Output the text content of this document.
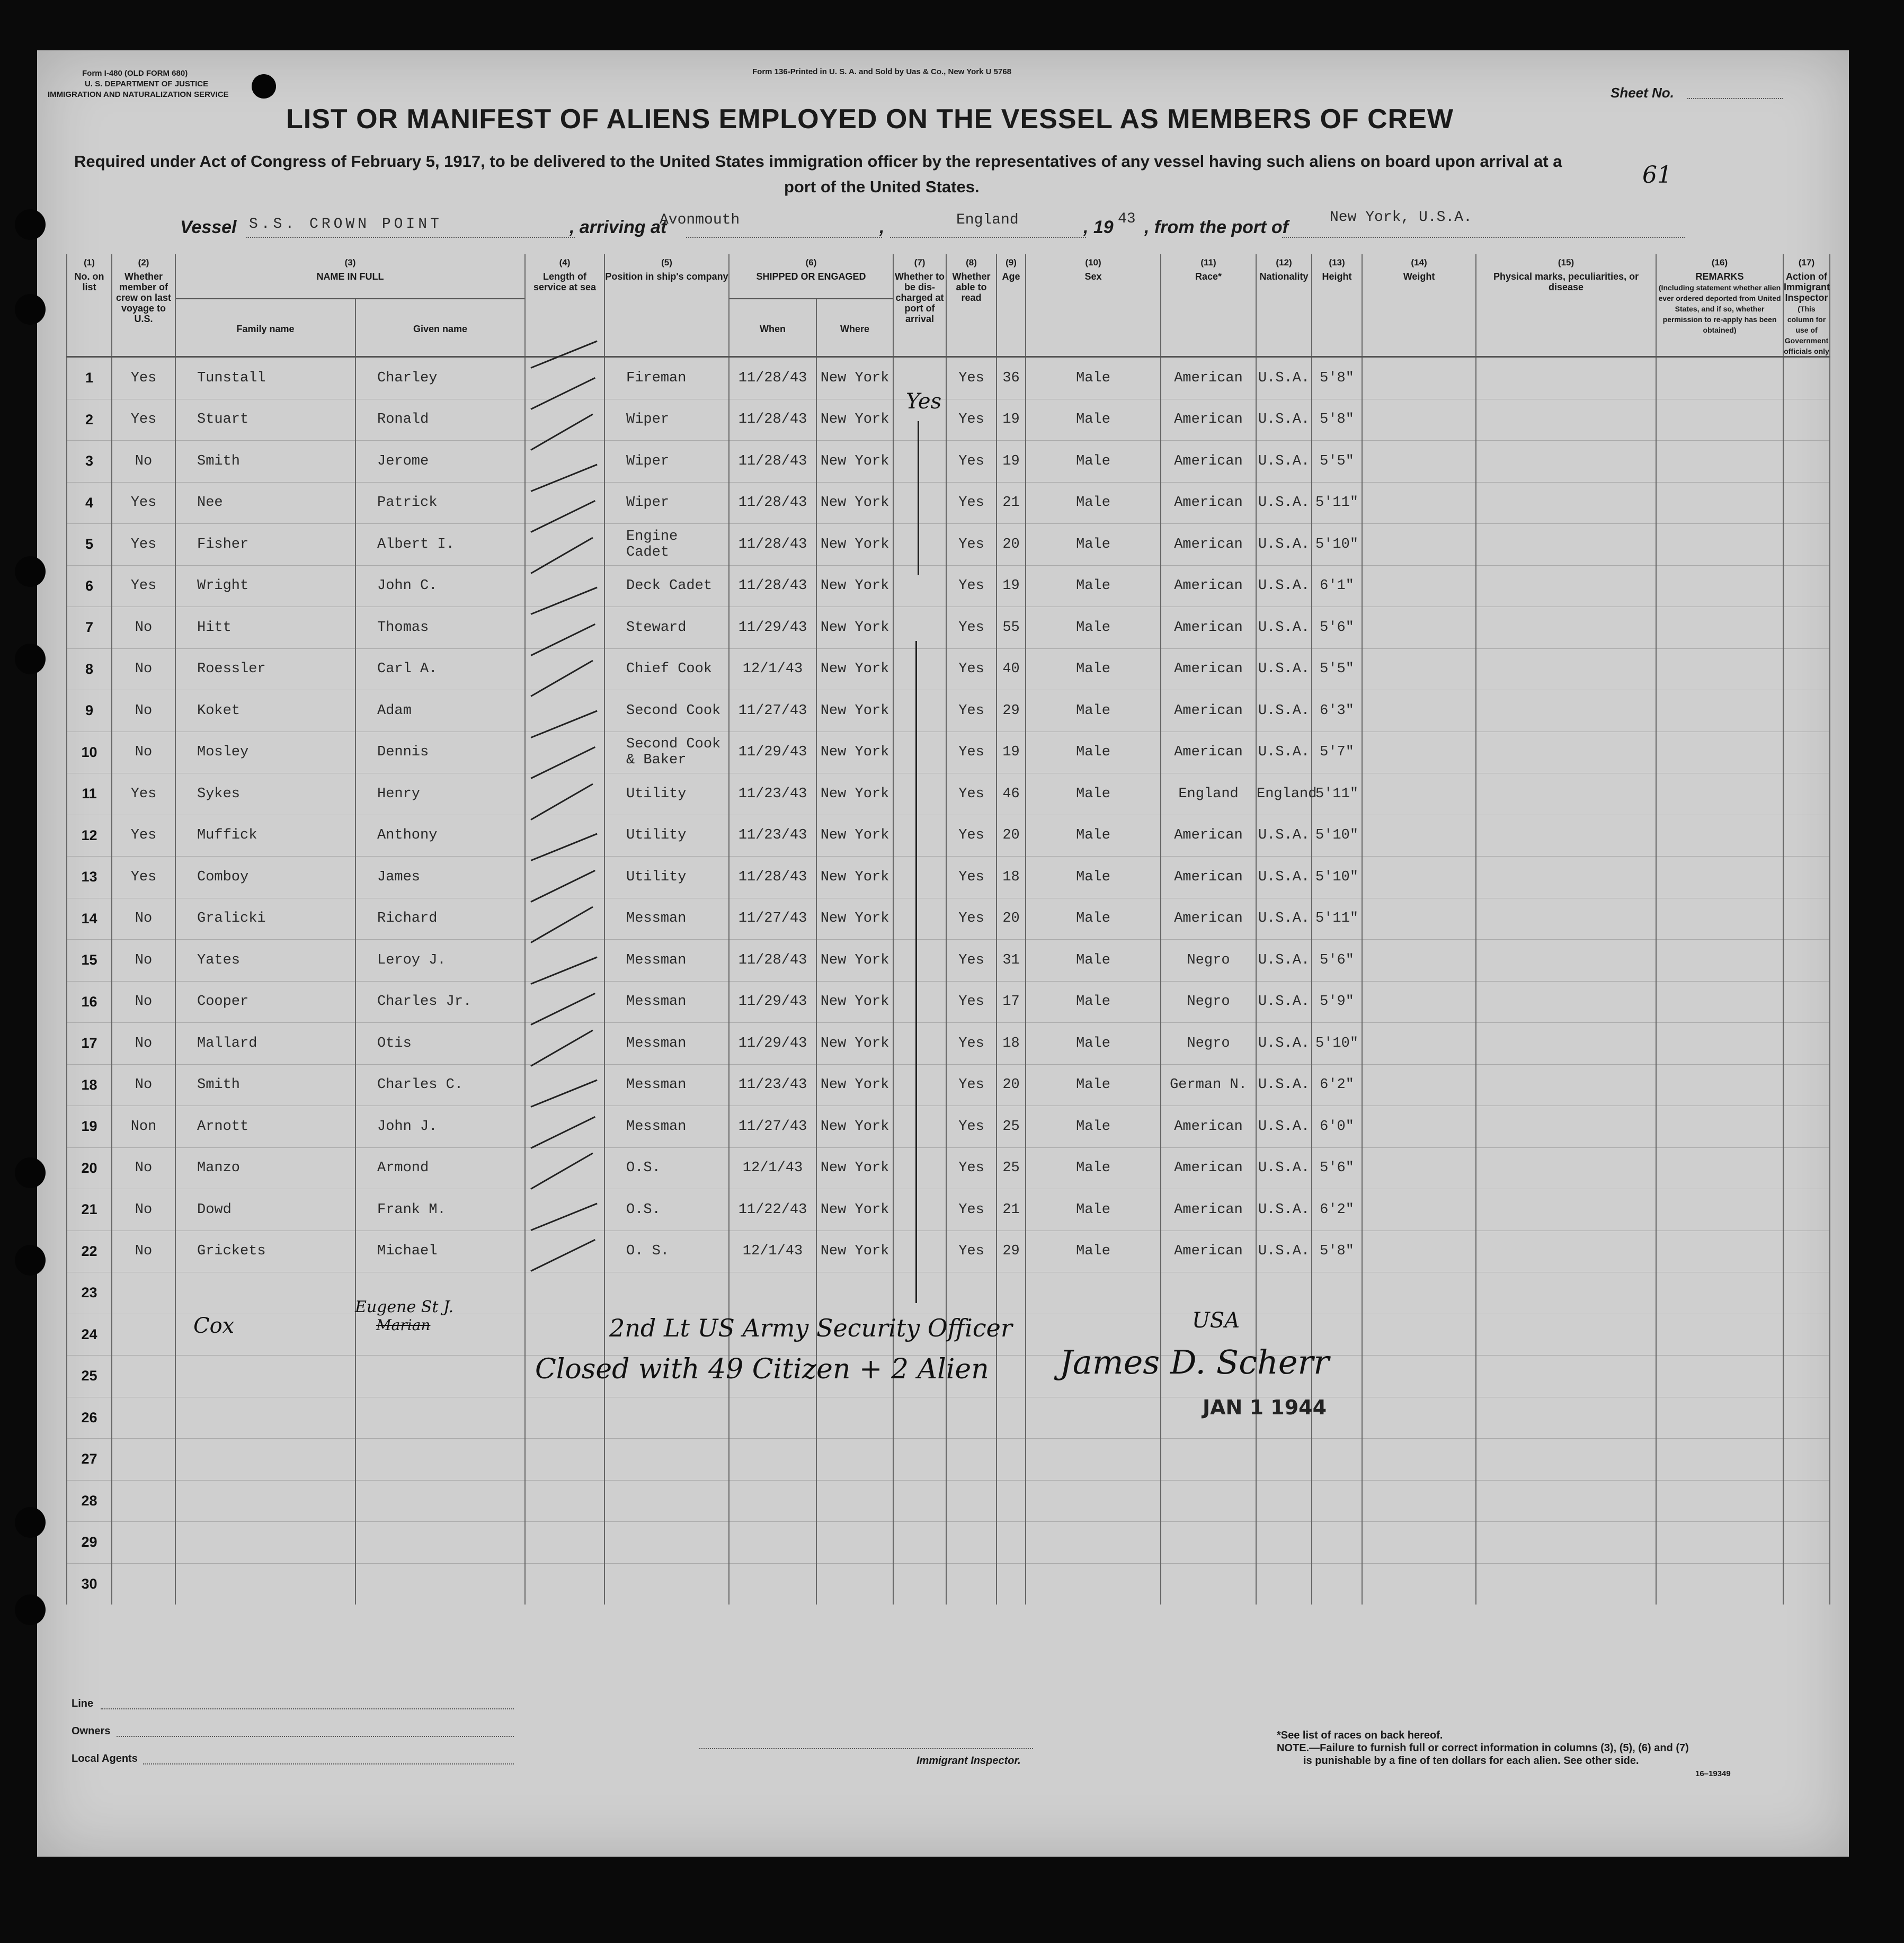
Form I-480 (OLD FORM 680)
U. S. DEPARTMENT OF JUSTICE
IMMIGRATION AND NATURALIZATION SERVICE
Form 136-Printed in U. S. A. and Sold by Uas & Co., New York U 5768
Sheet No.
61
LIST OR MANIFEST OF ALIENS EMPLOYED ON THE VESSEL AS MEMBERS OF CREW
Required under Act of Congress of February 5, 1917, to be delivered to the United States immigration officer by the representatives of any vessel having such aliens on board upon arrival at a
port of the United States.
Vessel S.S. CROWN POINT	, arriving at
Avonmouth	,	England	, 19 43 , from the port of	New York, U.S.A.
(1)
No. on list	(2)
Whether member of crew on last voyage to U.S.	(3)
NAME IN FULL		(4)
Length of service at sea	(5)
Position in ship's company	(6)
SHIPPED OR ENGAGED		(7)
Whether to be dis-charged at port of arrival	(8)
Whether able to read	(9)
Age	(10)
Sex	(11)
Race*	(12)
Nationality	(13)
Height	(14)
Weight	(15)
Physical marks, peculiarities, or disease	(16)
REMARKS
(Including statement whether alien ever ordered deported from United States, and if so, whether permission to re-apply has been obtained)	(17)
Action of Immigrant Inspector
(This column for use of Government officials only
		Family name	Given name			When	Where											
1	Yes	Tunstall	Charley		Fireman	11/28/43	New York		Yes	36	Male	American	U.S.A.	5'8"				
2	Yes	Stuart	Ronald		Wiper	11/28/43	New York		Yes	19	Male	American	U.S.A.	5'8"				
3	No	Smith	Jerome		Wiper	11/28/43	New York		Yes	19	Male	American	U.S.A.	5'5"				
4	Yes	Nee	Patrick		Wiper	11/28/43	New York		Yes	21	Male	American	U.S.A.	5'11"				
5	Yes	Fisher	Albert I.		Engine Cadet	11/28/43	New York		Yes	20	Male	American	U.S.A.	5'10"				
6	Yes	Wright	John C.		Deck Cadet	11/28/43	New York		Yes	19	Male	American	U.S.A.	6'1"				
7	No	Hitt	Thomas		Steward	11/29/43	New York		Yes	55	Male	American	U.S.A.	5'6"				
8	No	Roessler	Carl A.		Chief Cook	12/1/43	New York		Yes	40	Male	American	U.S.A.	5'5"				
9	No	Koket	Adam		Second Cook	11/27/43	New York		Yes	29	Male	American	U.S.A.	6'3"				
10	No	Mosley	Dennis		Second Cook & Baker	11/29/43	New York		Yes	19	Male	American	U.S.A.	5'7"				
11	Yes	Sykes	Henry		Utility	11/23/43	New York		Yes	46	Male	England	England	5'11"				
12	Yes	Muffick	Anthony		Utility	11/23/43	New York		Yes	20	Male	American	U.S.A.	5'10"				
13	Yes	Comboy	James		Utility	11/28/43	New York		Yes	18	Male	American	U.S.A.	5'10"				
14	No	Gralicki	Richard		Messman	11/27/43	New York		Yes	20	Male	American	U.S.A.	5'11"				
15	No	Yates	Leroy J.		Messman	11/28/43	New York		Yes	31	Male	Negro	U.S.A.	5'6"				
16	No	Cooper	Charles Jr.		Messman	11/29/43	New York		Yes	17	Male	Negro	U.S.A.	5'9"				
17	No	Mallard	Otis		Messman	11/29/43	New York		Yes	18	Male	Negro	U.S.A.	5'10"				
18	No	Smith	Charles C.		Messman	11/23/43	New York		Yes	20	Male	German N.	U.S.A.	6'2"				
19	Non	Arnott	John J.		Messman	11/27/43	New York		Yes	25	Male	American	U.S.A.	6'0"				
20	No	Manzo	Armond		O.S.	12/1/43	New York		Yes	25	Male	American	U.S.A.	5'6"				
21	No	Dowd	Frank M.		O.S.	11/22/43	New York		Yes	21	Male	American	U.S.A.	6'2"				
22	No	Grickets	Michael		O. S.	12/1/43	New York		Yes	29	Male	American	U.S.A.	5'8"				
23																		
24																		
25																		
26																		
27																		
28																		
29																		
30																		
Yes
Cox
Eugene St J.
Marian	2nd Lt US Army Security Officer
Closed with 49 Citizen + 2 Alien
USA
James D. Scherr
JAN 1 1944
Line
Owners
Local Agents	Immigrant Inspector.
*See list of races on back hereof.
NOTE.—Failure to furnish full or correct information in columns (3), (5), (6) and (7)
is punishable by a fine of ten dollars for each alien. See other side.
16–19349
